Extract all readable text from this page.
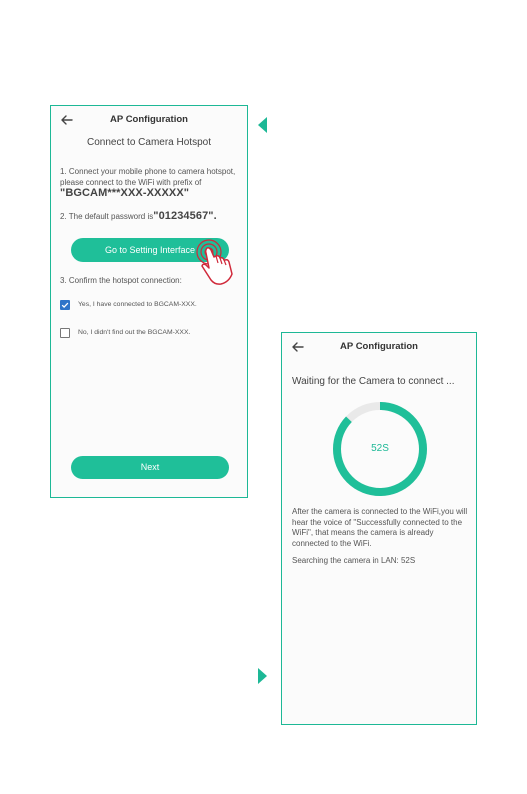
AP Configuration
Connect to Camera Hotspot
1. Connect your mobile phone to camera hotspot, please connect to the WiFi with prefix of "BGCAM***XXX-XXXXX"
2. The default password is"01234567".
Go to Setting Interface
3. Confirm the hotspot connection:
Yes, I have connected to BGCAM-XXX.
No, I didn't find out the BGCAM-XXX.
Next
AP Configuration
Waiting for the Camera to connect ...
52S
After the camera is connected to the WiFi,you will hear the voice of "Successfully connected to the WiFi", that means the camera is already connected to the WiFi.
Searching the camera in LAN: 52S
